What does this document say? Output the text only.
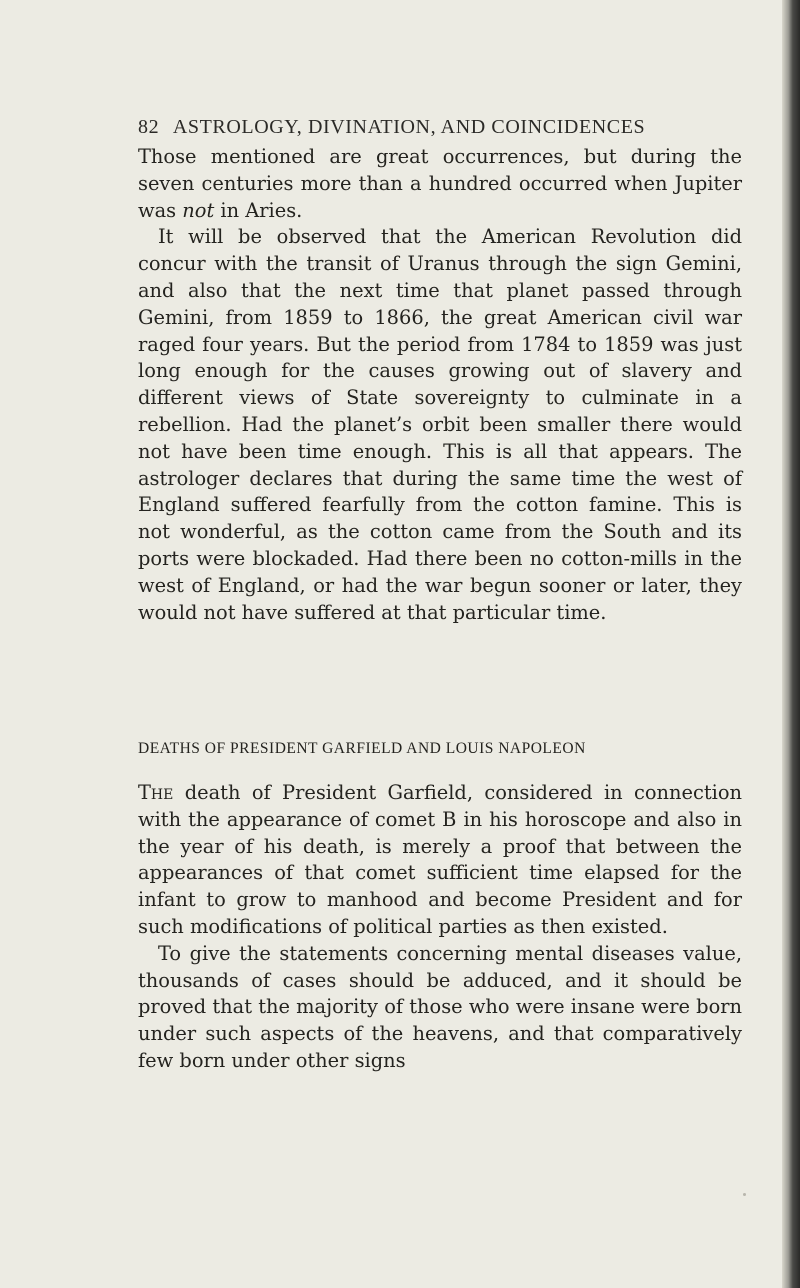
82 ASTROLOGY, DIVINATION, AND COINCIDENCES

Those mentioned are great occurrences, but during the seven centuries more than a hundred occurred when Jupiter was not in Aries.

It will be observed that the American Revolution did concur with the transit of Uranus through the sign Gemini, and also that the next time that planet passed through Gemini, from 1859 to 1866, the great American civil war raged four years. But the period from 1784 to 1859 was just long enough for the causes growing out of slavery and different views of State sovereignty to culminate in a rebellion. Had the planet’s orbit been smaller there would not have been time enough. This is all that appears. The astrologer declares that during the same time the west of England suffered fearfully from the cotton famine. This is not wonderful, as the cotton came from the South and its ports were blockaded. Had there been no cotton-mills in the west of England, or had the war begun sooner or later, they would not have suffered at that particular time.

DEATHS OF PRESIDENT GARFIELD AND LOUIS NAPOLEON

The death of President Garfield, considered in connection with the appearance of comet B in his horoscope and also in the year of his death, is merely a proof that between the appearances of that comet sufficient time elapsed for the infant to grow to manhood and become President and for such modifications of political parties as then existed.

To give the statements concerning mental diseases value, thousands of cases should be adduced, and it should be proved that the majority of those who were insane were born under such aspects of the heavens, and that comparatively few born under other signs
